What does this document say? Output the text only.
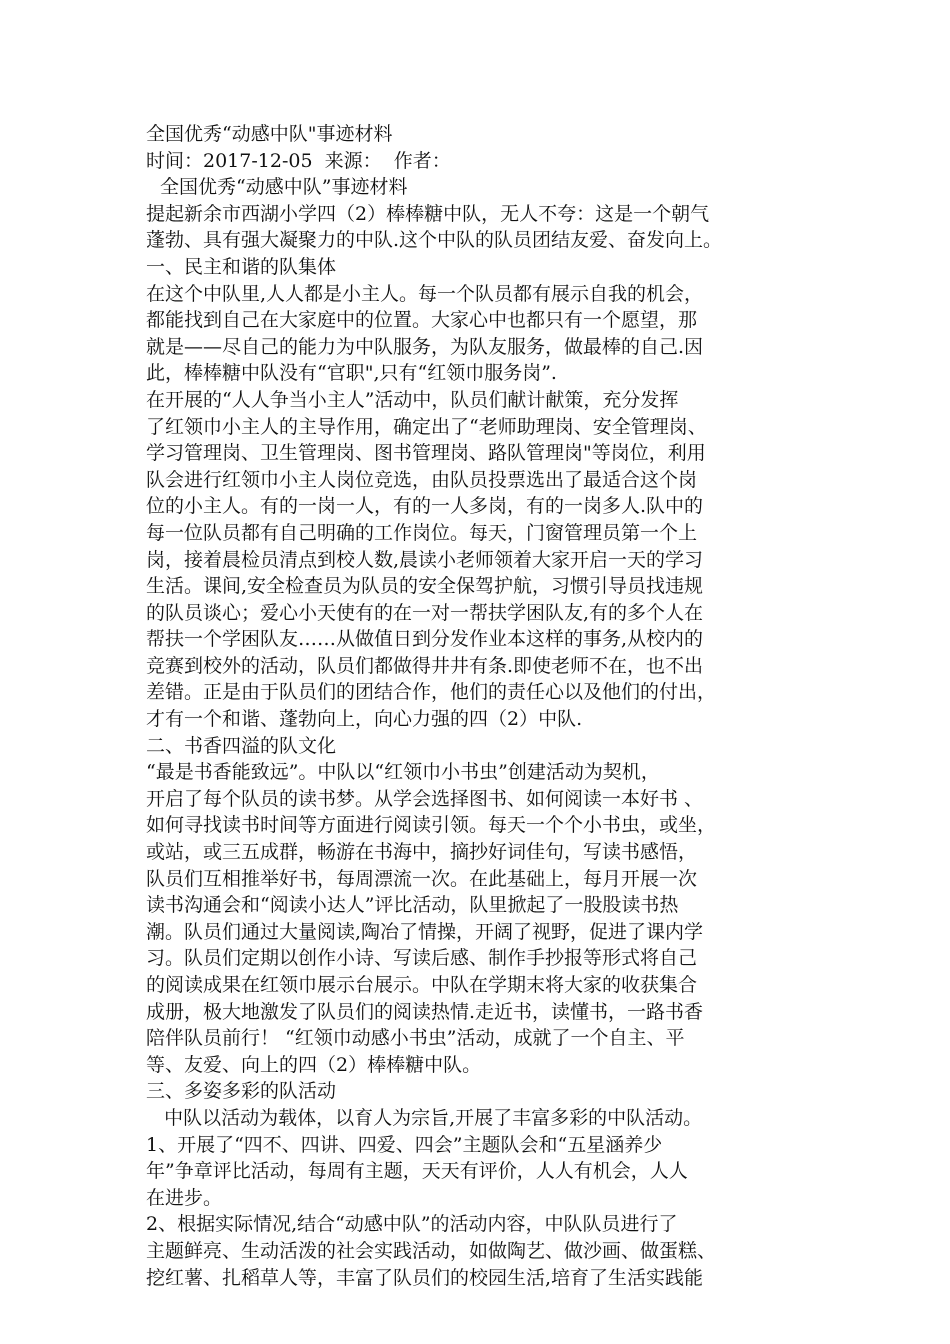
全国优秀“动感中队"事迹材料
时间：2017-12-05  来源：  作者：
全国优秀“动感中队”事迹材料
提起新余市西湖小学四（2）棒棒糖中队，无人不夸：这是一个朝气
蓬勃、具有强大凝聚力的中队.这个中队的队员团结友爱、奋发向上。
一、民主和谐的队集体
在这个中队里,人人都是小主人。每一个队员都有展示自我的机会，
都能找到自己在大家庭中的位置。大家心中也都只有一个愿望，那
就是——尽自己的能力为中队服务，为队友服务，做最棒的自己.因
此，棒棒糖中队没有“官职",只有“红领巾服务岗”.
在开展的“人人争当小主人”活动中，队员们献计献策，充分发挥
了红领巾小主人的主导作用，确定出了“老师助理岗、安全管理岗、
学习管理岗、卫生管理岗、图书管理岗、路队管理岗"等岗位，利用
队会进行红领巾小主人岗位竞选，由队员投票选出了最适合这个岗
位的小主人。有的一岗一人，有的一人多岗，有的一岗多人.队中的
每一位队员都有自己明确的工作岗位。每天，门窗管理员第一个上
岗，接着晨检员清点到校人数,晨读小老师领着大家开启一天的学习
生活。课间,安全检查员为队员的安全保驾护航，习惯引导员找违规
的队员谈心；爱心小天使有的在一对一帮扶学困队友,有的多个人在
帮扶一个学困队友……从做值日到分发作业本这样的事务,从校内的
竞赛到校外的活动，队员们都做得井井有条.即使老师不在，也不出
差错。正是由于队员们的团结合作，他们的责任心以及他们的付出，
才有一个和谐、蓬勃向上，向心力强的四（2）中队.
二、书香四溢的队文化
“最是书香能致远”。中队以“红领巾小书虫”创建活动为契机，
开启了每个队员的读书梦。从学会选择图书、如何阅读一本好书 、
如何寻找读书时间等方面进行阅读引领。每天一个个小书虫，或坐，
或站，或三五成群，畅游在书海中，摘抄好词佳句，写读书感悟，
队员们互相推举好书，每周漂流一次。在此基础上，每月开展一次
读书沟通会和“阅读小达人”评比活动，队里掀起了一股股读书热
潮。队员们通过大量阅读,陶冶了情操，开阔了视野，促进了课内学
习。队员们定期以创作小诗、写读后感、制作手抄报等形式将自己
的阅读成果在红领巾展示台展示。中队在学期末将大家的收获集合
成册，极大地激发了队员们的阅读热情.走近书，读懂书，一路书香
陪伴队员前行！ “红领巾动感小书虫”活动，成就了一个自主、平
等、友爱、向上的四（2）棒棒糖中队。
三、多姿多彩的队活动
中队以活动为载体，以育人为宗旨,开展了丰富多彩的中队活动。
1、开展了“四不、四讲、四爱、四会”主题队会和“五星涵养少
年”争章评比活动，每周有主题，天天有评价，人人有机会，人人
在进步。
2、根据实际情况,结合“动感中队”的活动内容，中队队员进行了
主题鲜亮、生动活泼的社会实践活动，如做陶艺、做沙画、做蛋糕、
挖红薯、扎稻草人等，丰富了队员们的校园生活,培育了生活实践能
